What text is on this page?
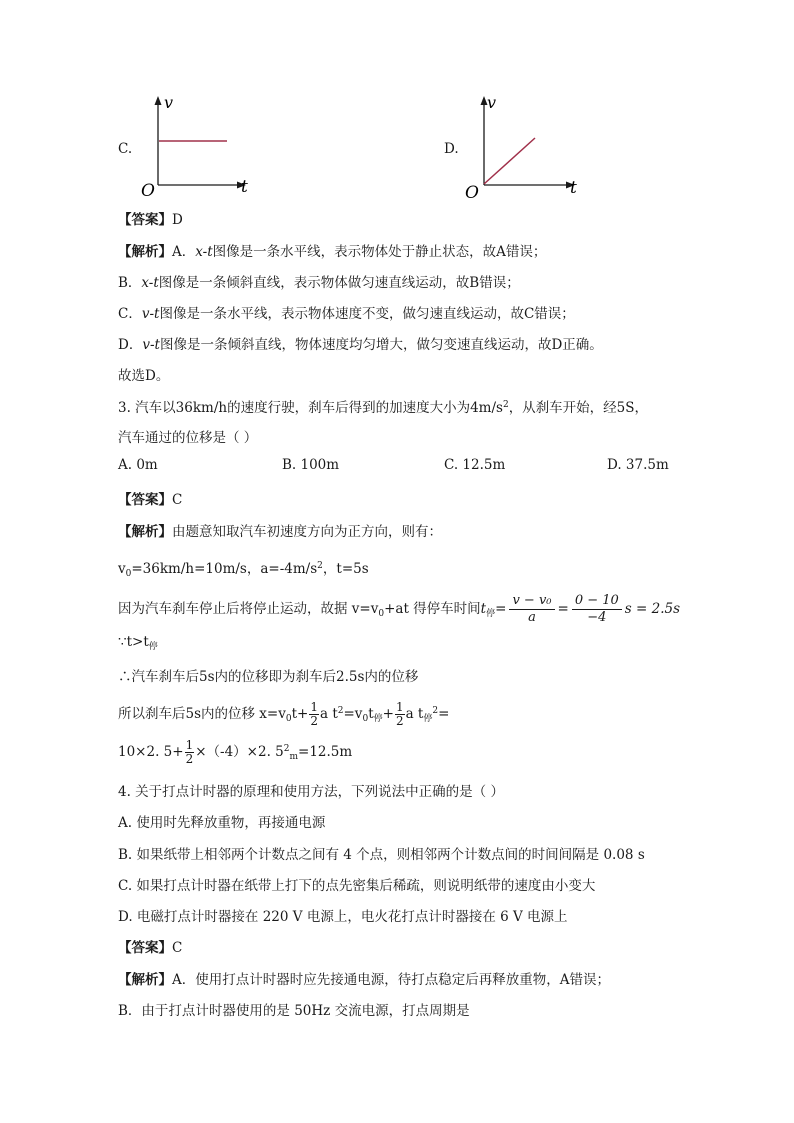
v
t
O
C.
v
t
O
D.
【答案】D
【解析】A．x-t图像是一条水平线，表示物体处于静止状态，故A错误；
B．x-t图像是一条倾斜直线，表示物体做匀速直线运动，故B错误；
C．v-t图像是一条水平线，表示物体速度不变，做匀速直线运动，故C错误；
D．v-t图像是一条倾斜直线，物体速度均匀增大，做匀变速直线运动，故D正确。
故选D。
3. 汽车以36km/h的速度行驶，刹车后得到的加速度大小为$4m/s^2$，从刹车开始，经5S，
汽车通过的位移是（ ）
A. 0m	B. 100m	C. 12.5m	D. 37.5m
【答案】C
【解析】由题意知取汽车初速度方向为正方向，则有：
$v_0=36km/h=10m/s$，$a=-4m/s^2$，t=5s
因为汽车刹车停止后将停止运动，故据 $v=v_0+at$ 得停车时间$t_停= \frac{\text{v − v₀}}{a} = \frac{0 - 10}{-4}$ s = 2.5s
$\because t>t_停$
∴汽车刹车后5s内的位移即为刹车后2.5s内的位移
所以刹车后5s内的位移 $x=v_0t+ \frac{1}{2}$ a $t^2=v_0t_停+ \frac{1}{2}$ a $t_停^2=$
10×2. $5+ \frac{1}{2} \times(-4)\times 2$. $5^2_m=12.5m$
4. 关于打点计时器的原理和使用方法，下列说法中正确的是（ ）
A. 使用时先释放重物，再接通电源
B. 如果纸带上相邻两个计数点之间有 4 个点，则相邻两个计数点间的时间间隔是 0.08 s
C. 如果打点计时器在纸带上打下的点先密集后稀疏，则说明纸带的速度由小变大
D. 电磁打点计时器接在 220 V 电源上，电火花打点计时器接在 6 V 电源上
【答案】C
【解析】A．使用打点计时器时应先接通电源，待打点稳定后再释放重物，A错误；
B．由于打点计时器使用的是 50Hz 交流电源，打点周期是
